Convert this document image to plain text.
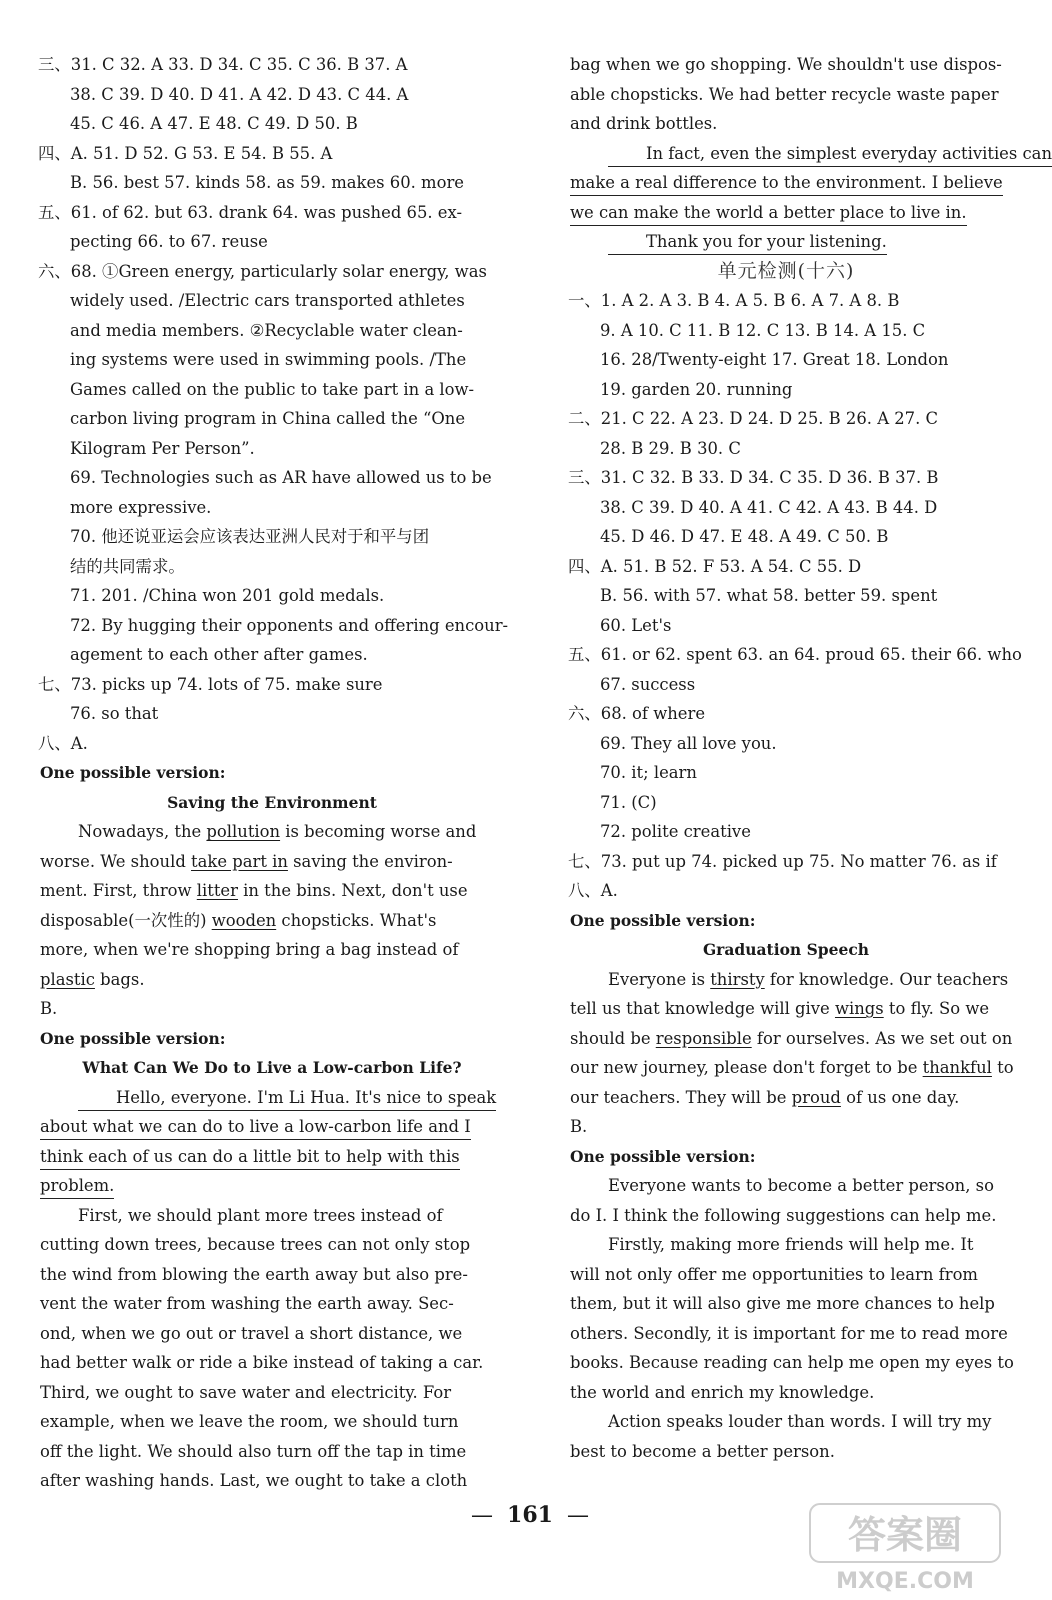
三、31. C 32. A 33. D 34. C 35. C 36. B 37. A
38. C 39. D 40. D 41. A 42. D 43. C 44. A
45. C 46. A 47. E 48. C 49. D 50. B
四、A. 51. D 52. G 53. E 54. B 55. A
B. 56. best 57. kinds 58. as 59. makes 60. more
五、61. of 62. but 63. drank 64. was pushed 65. ex-
pecting 66. to 67. reuse
六、68. ①Green energy, particularly solar energy, was
widely used. /Electric cars transported athletes
and media members. ②Recyclable water clean-
ing systems were used in swimming pools. /The
Games called on the public to take part in a low-
carbon living program in China called the “One
Kilogram Per Person”.
69. Technologies such as AR have allowed us to be
more expressive.
70. 他还说亚运会应该表达亚洲人民对于和平与团
结的共同需求。
71. 201. /China won 201 gold medals.
72. By hugging their opponents and offering encour-
agement to each other after games.
七、73. picks up 74. lots of 75. make sure
76. so that
八、A.
One possible version:
Saving the Environment
Nowadays, the pollution is becoming worse and
worse. We should take part in saving the environ-
ment. First, throw litter in the bins. Next, don't use
disposable(一次性的) wooden chopsticks. What's
more, when we're shopping bring a bag instead of
plastic bags.
B.
One possible version:
What Can We Do to Live a Low-carbon Life?
Hello, everyone. I'm Li Hua. It's nice to speak
about what we can do to live a low-carbon life and I
think each of us can do a little bit to help with this
problem.
First, we should plant more trees instead of
cutting down trees, because trees can not only stop
the wind from blowing the earth away but also pre-
vent the water from washing the earth away. Sec-
ond, when we go out or travel a short distance, we
had better walk or ride a bike instead of taking a car.
Third, we ought to save water and electricity. For
example, when we leave the room, we should turn
off the light. We should also turn off the tap in time
after washing hands. Last, we ought to take a cloth
bag when we go shopping. We shouldn't use dispos-
able chopsticks. We had better recycle waste paper
and drink bottles.
In fact, even the simplest everyday activities can
make a real difference to the environment. I believe
we can make the world a better place to live in.
Thank you for your listening.
单元检测(十六)
一、1. A 2. A 3. B 4. A 5. B 6. A 7. A 8. B
9. A 10. C 11. B 12. C 13. B 14. A 15. C
16. 28/Twenty-eight 17. Great 18. London
19. garden 20. running
二、21. C 22. A 23. D 24. D 25. B 26. A 27. C
28. B 29. B 30. C
三、31. C 32. B 33. D 34. C 35. D 36. B 37. B
38. C 39. D 40. A 41. C 42. A 43. B 44. D
45. D 46. D 47. E 48. A 49. C 50. B
四、A. 51. B 52. F 53. A 54. C 55. D
B. 56. with 57. what 58. better 59. spent
60. Let's
五、61. or 62. spent 63. an 64. proud 65. their 66. who
67. success
六、68. of where
69. They all love you.
70. it; learn
71. (C)
72. polite creative
七、73. put up 74. picked up 75. No matter 76. as if
八、A.
One possible version:
Graduation Speech
Everyone is thirsty for knowledge. Our teachers
tell us that knowledge will give wings to fly. So we
should be responsible for ourselves. As we set out on
our new journey, please don't forget to be thankful to
our teachers. They will be proud of us one day.
B.
One possible version:
Everyone wants to become a better person, so
do I. I think the following suggestions can help me.
Firstly, making more friends will help me. It
will not only offer me opportunities to learn from
them, but it will also give me more chances to help
others. Secondly, it is important for me to read more
books. Because reading can help me open my eyes to
the world and enrich my knowledge.
Action speaks louder than words. I will try my
best to become a better person.
— 161 —	答案圈
MXQE.COM
